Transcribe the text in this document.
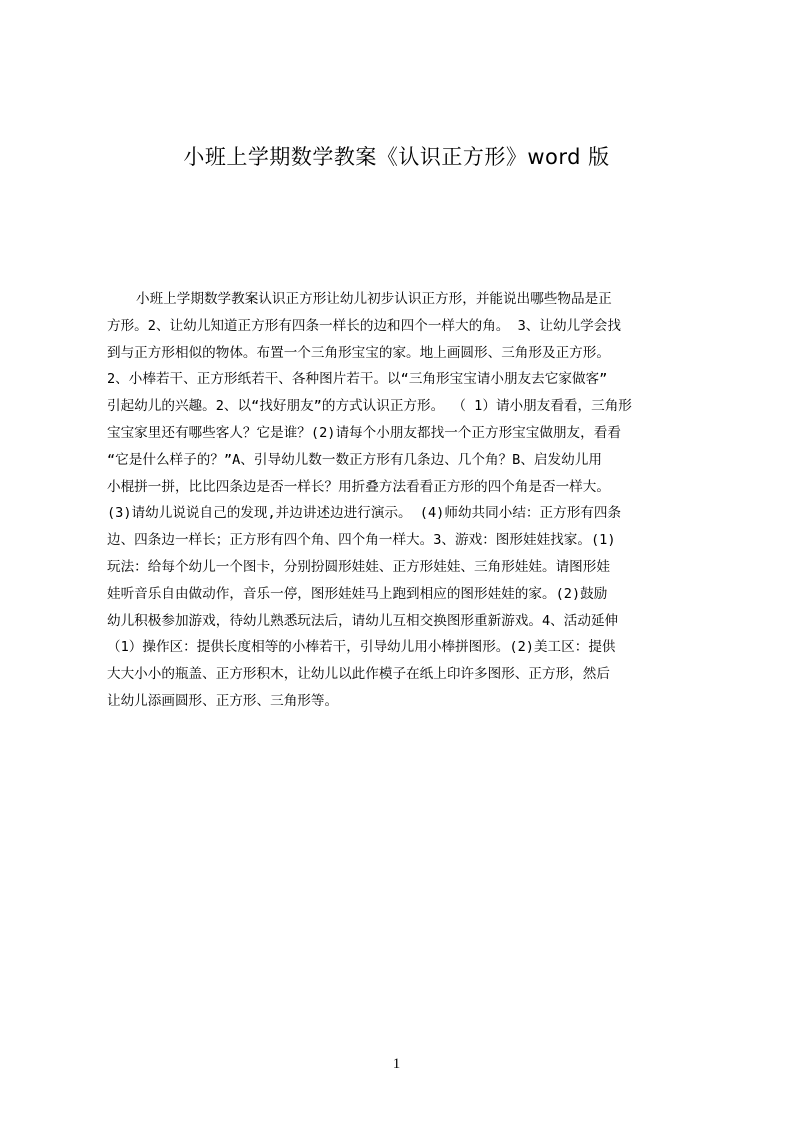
小班上学期数学教案《认识正方形》word 版
小班上学期数学教案认识正方形让幼儿初步认识正方形，并能说出哪些物品是正
方形。2、让幼儿知道正方形有四条一样长的边和四个一样大的角。 3、让幼儿学会找
到与正方形相似的物体。布置一个三角形宝宝的家。地上画圆形、三角形及正方形。
2、小棒若干、正方形纸若干、各种图片若干。以“三角形宝宝请小朋友去它家做客”
引起幼儿的兴趣。2、以“找好朋友”的方式认识正方形。 （ 1）请小朋友看看，三角形
宝宝家里还有哪些客人？它是谁？(2)请每个小朋友都找一个正方形宝宝做朋友，看看
“它是什么样子的？”A、引导幼儿数一数正方形有几条边、几个角？B、启发幼儿用
小棍拼一拼，比比四条边是否一样长？用折叠方法看看正方形的四个角是否一样大。
(3)请幼儿说说自己的发现,并边讲述边进行演示。 (4)师幼共同小结：正方形有四条
边、四条边一样长；正方形有四个角、四个角一样大。3、游戏：图形娃娃找家。(1)
玩法：给每个幼儿一个图卡，分别扮圆形娃娃、正方形娃娃、三角形娃娃。请图形娃
娃听音乐自由做动作，音乐一停，图形娃娃马上跑到相应的图形娃娃的家。(2)鼓励
幼儿积极参加游戏，待幼儿熟悉玩法后，请幼儿互相交换图形重新游戏。4、活动延伸
（1）操作区：提供长度相等的小棒若干，引导幼儿用小棒拼图形。(2)美工区：提供
大大小小的瓶盖、正方形积木，让幼儿以此作模子在纸上印许多图形、正方形，然后
让幼儿添画圆形、正方形、三角形等。
1
